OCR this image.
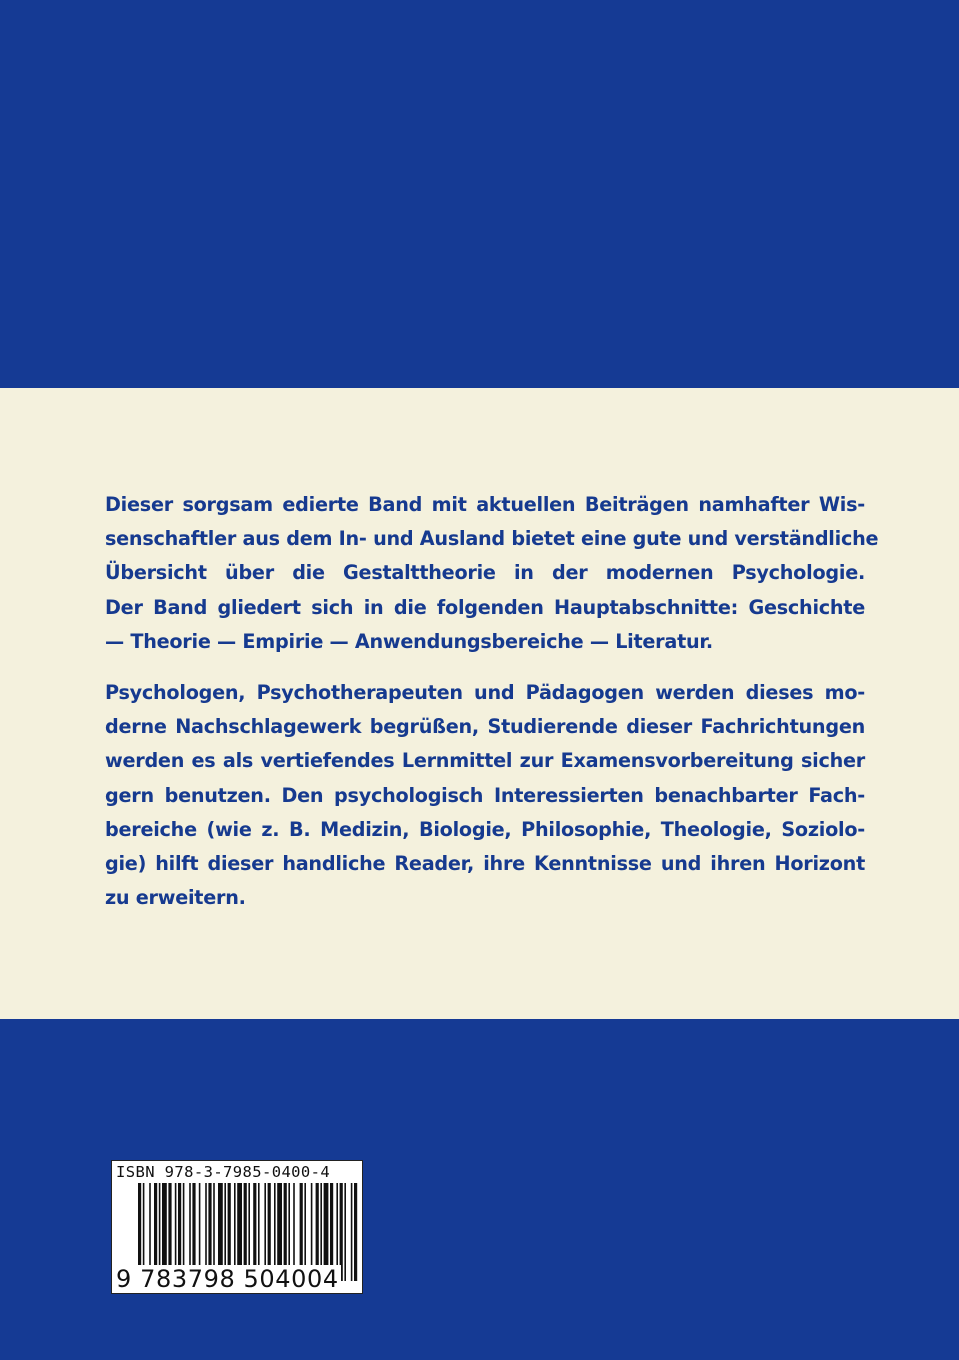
Dieser sorgsam edierte Band mit aktuellen Beiträgen namhafter Wis-
senschaftler aus dem In- und Ausland bietet eine gute und verständliche
Übersicht über die Gestalttheorie in der modernen Psychologie.
Der Band gliedert sich in die folgenden Hauptabschnitte: Geschichte
— Theorie — Empirie — Anwendungsbereiche — Literatur.
Psychologen, Psychotherapeuten und Pädagogen werden dieses mo-
derne Nachschlagewerk begrüßen, Studierende dieser Fachrichtungen
werden es als vertiefendes Lernmittel zur Examensvorbereitung sicher
gern benutzen. Den psychologisch Interessierten benachbarter Fach-
bereiche (wie z. B. Medizin, Biologie, Philosophie, Theologie, Soziolo-
gie) hilft dieser handliche Reader, ihre Kenntnisse und ihren Horizont
zu erweitern.
ISBN 978-3-7985-0400-4
9 783798 504004
